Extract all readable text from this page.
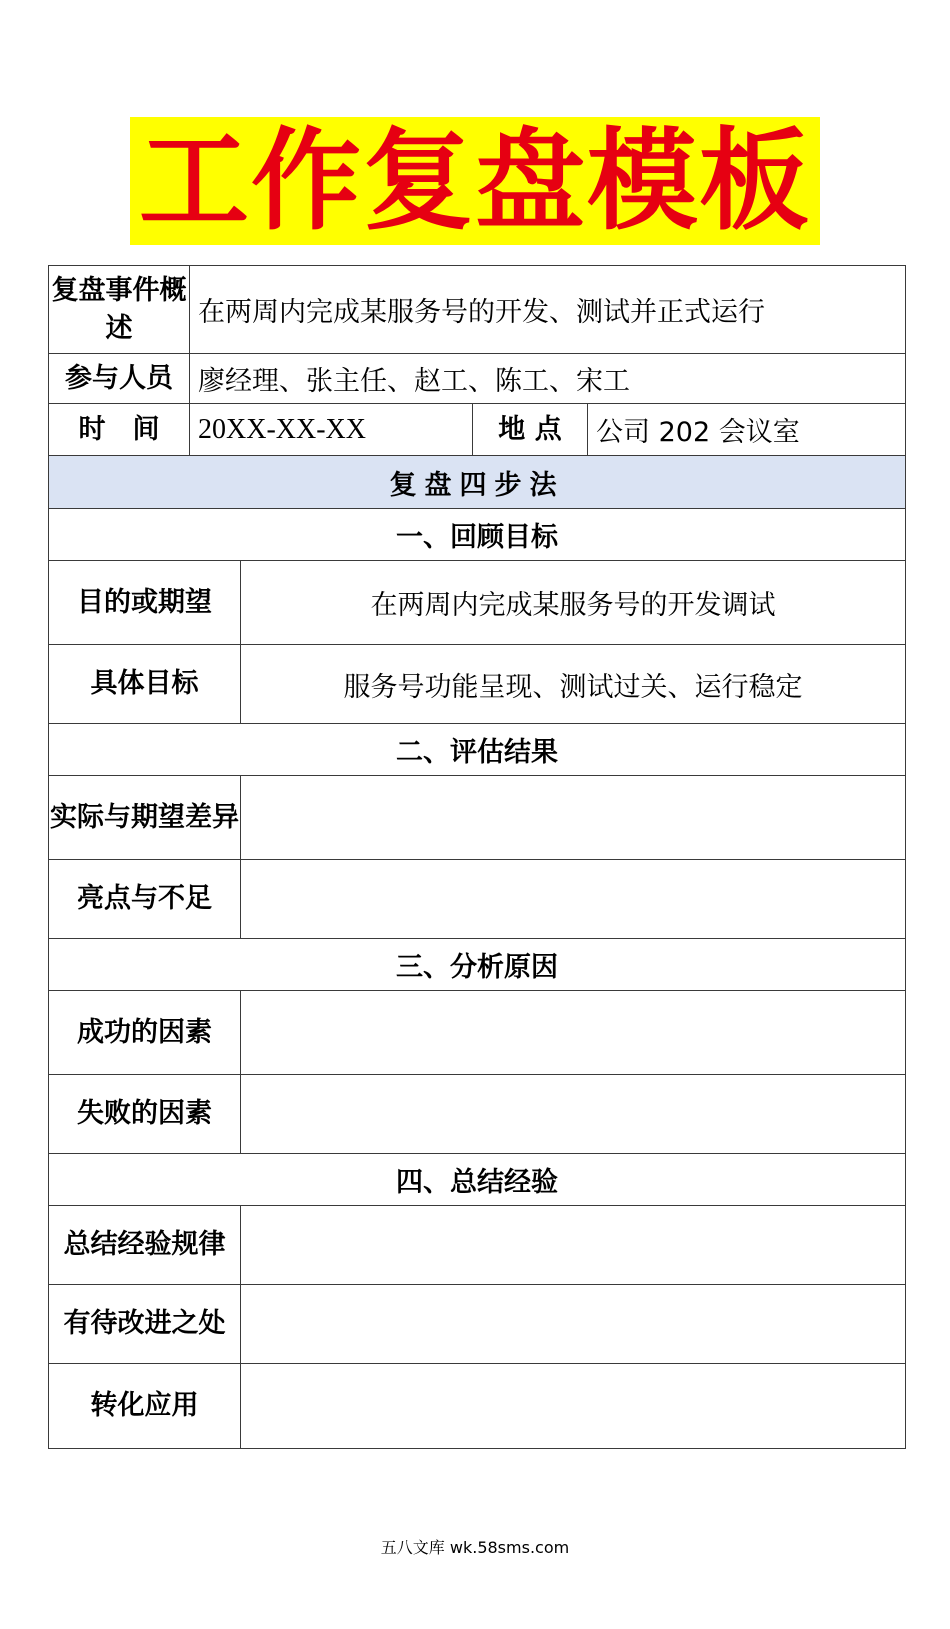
工作复盘模板
复盘事件概　述	在两周内完成某服务号的开发、测试并正式运行			
参与人员	廖经理、张主任、赵工、陈工、宋工			
时　间	20XX-XX-XX		地 点	公司 202 会议室
复盘四步法				
一、回顾目标				
目的或期望		在两周内完成某服务号的开发调试		
具体目标		服务号功能呈现、测试过关、运行稳定		
二、评估结果				
实际与期望差异				
亮点与不足				
三、分析原因				
成功的因素				
失败的因素				
四、总结经验				
总结经验规律				
有待改进之处				
转化应用				
五八文库 wk.58sms.com
